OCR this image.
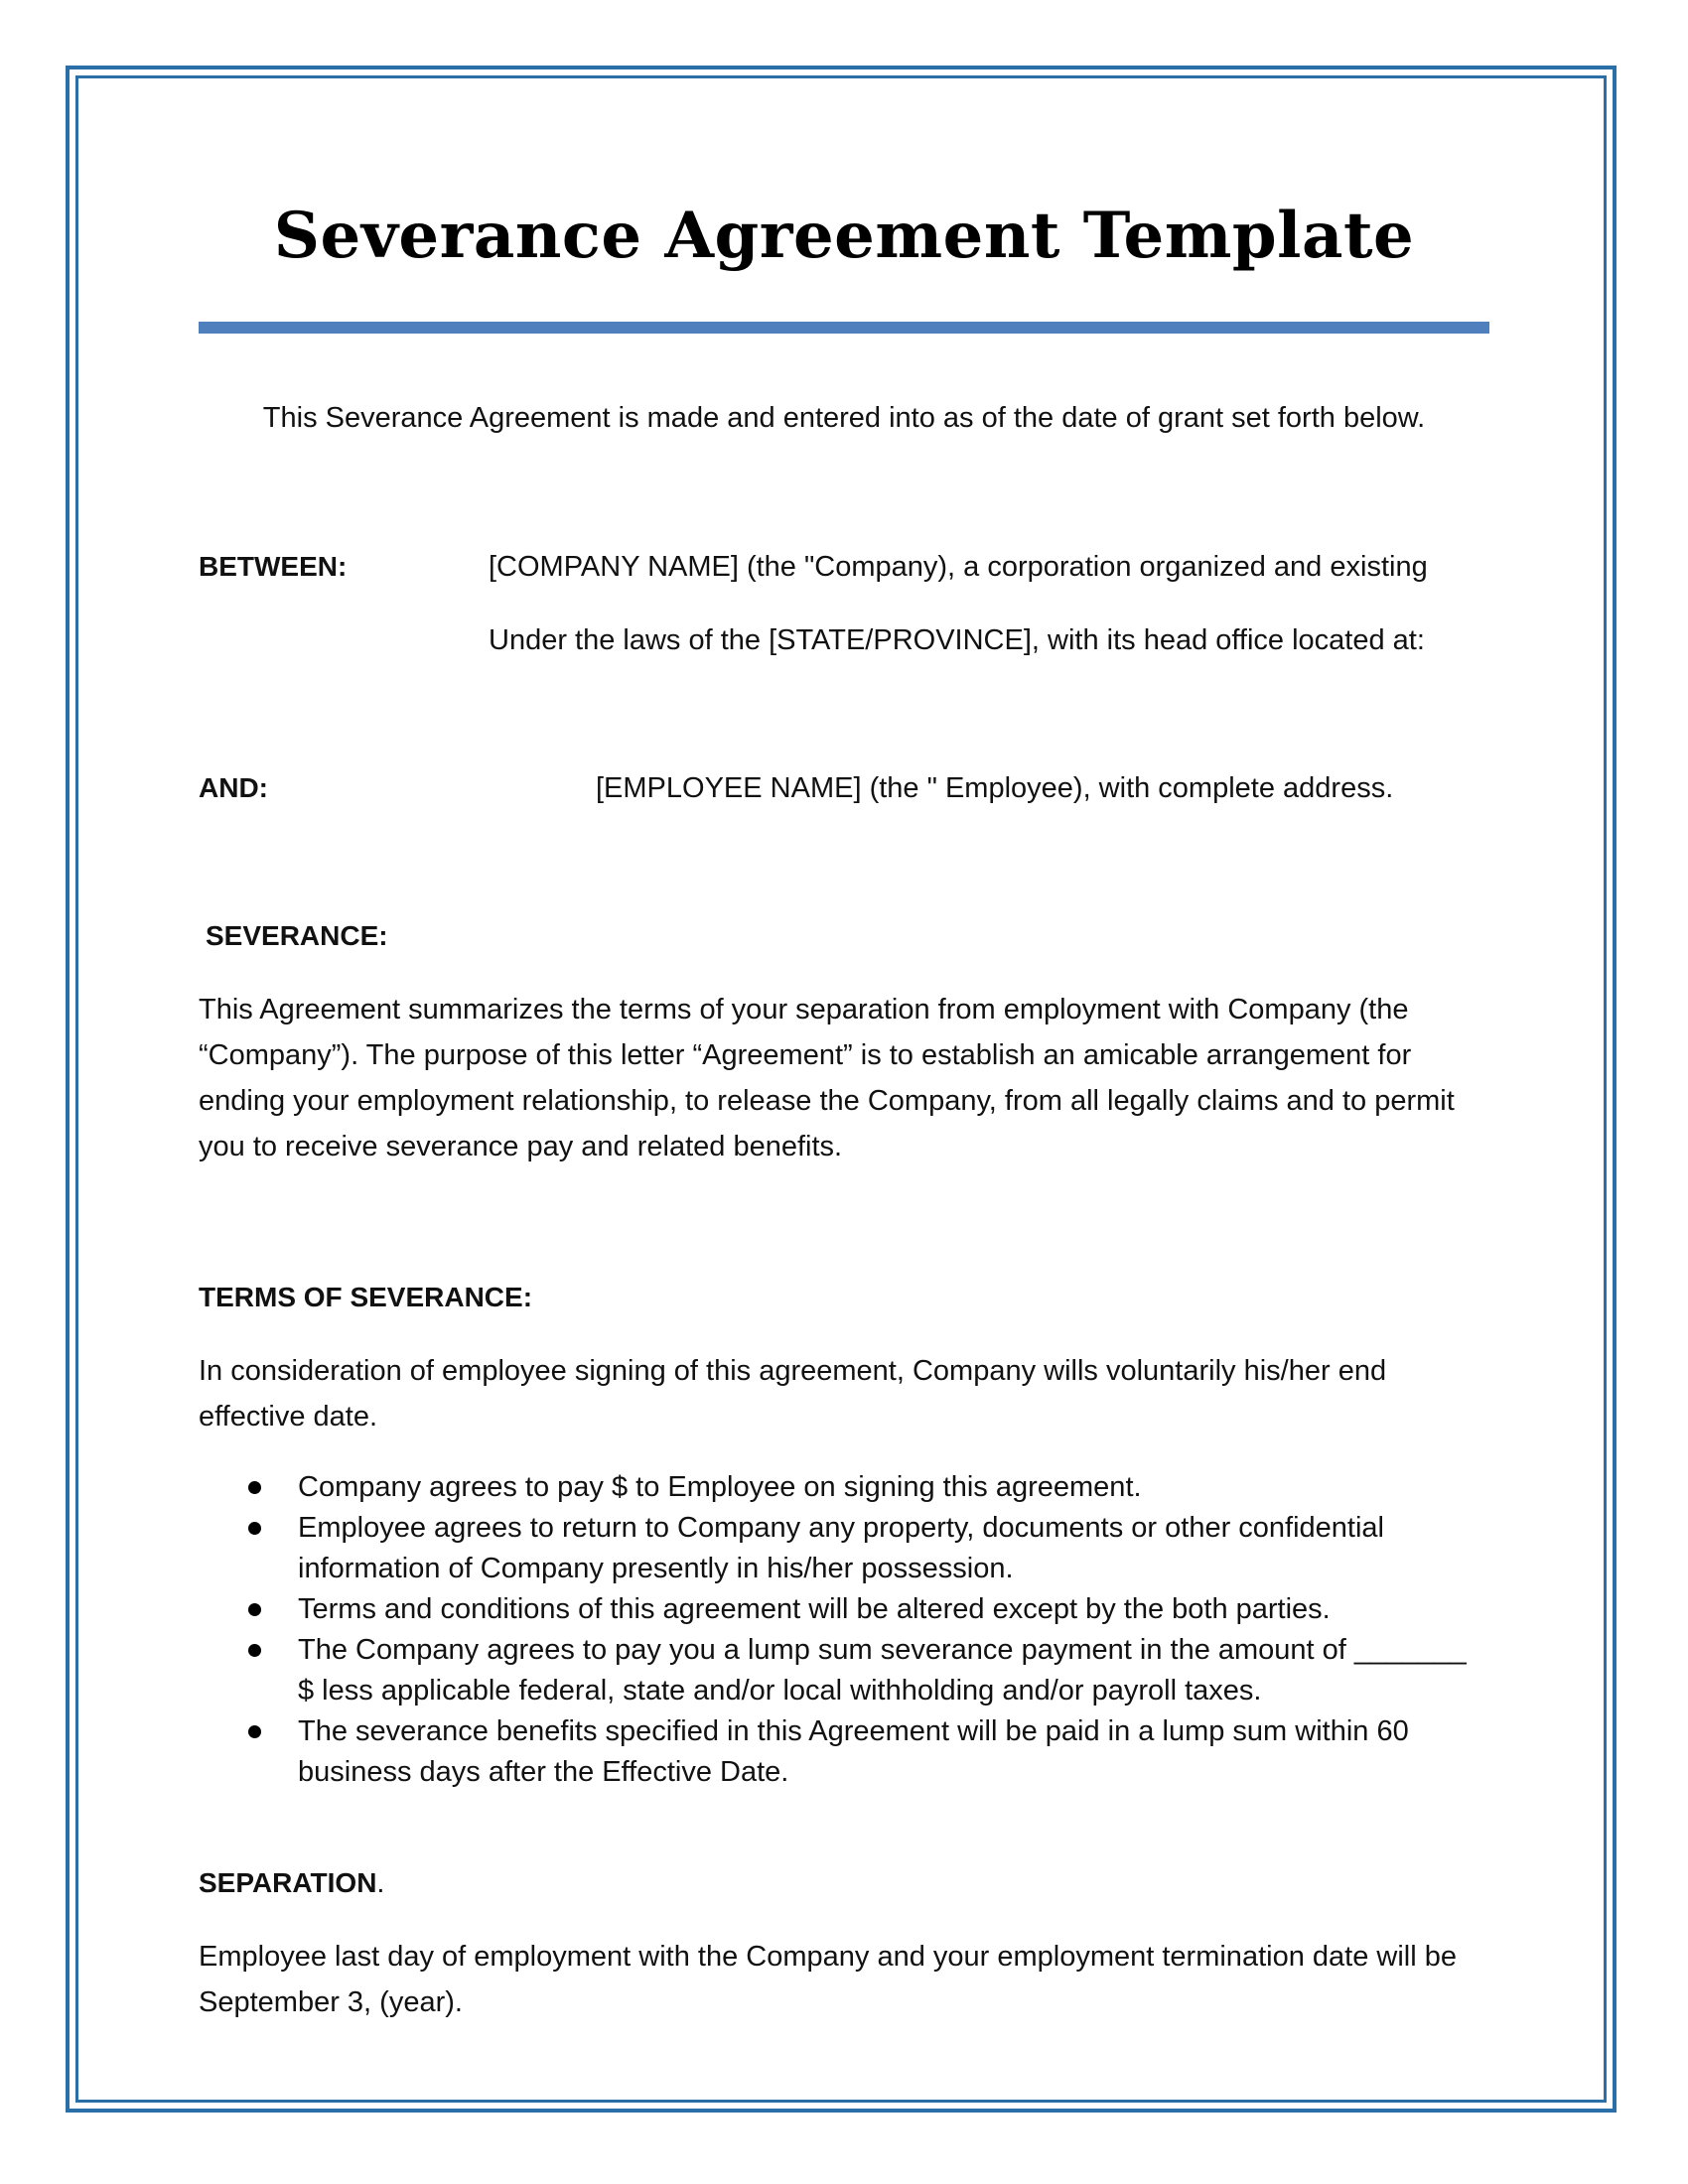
Severance Agreement Template
This Severance Agreement is made and entered into as of the date of grant set forth below.
BETWEEN:	[COMPANY NAME] (the "Company), a corporation organized and existing
Under the laws of the [STATE/PROVINCE], with its head office located at:
AND:	[EMPLOYEE NAME] (the " Employee), with complete address.
SEVERANCE:
This Agreement summarizes the terms of your separation from employment with Company (the “Company”). The purpose of this letter “Agreement” is to establish an amicable arrangement for ending your employment relationship, to release the Company, from all legally claims and to permit you to receive severance pay and related benefits.
TERMS OF SEVERANCE:
In consideration of employee signing of this agreement, Company wills voluntarily his/her end effective date.
Company agrees to pay $ to Employee on signing this agreement.
Employee agrees to return to Company any property, documents or other confidential information of Company presently in his/her possession.
Terms and conditions of this agreement will be altered except by the both parties.
The Company agrees to pay you a lump sum severance payment in the amount of _______ $ less applicable federal, state and/or local withholding and/or payroll taxes.
The severance benefits specified in this Agreement will be paid in a lump sum within 60 business days after the Effective Date.
SEPARATION.
Employee last day of employment with the Company and your employment termination date will be September 3, (year).
